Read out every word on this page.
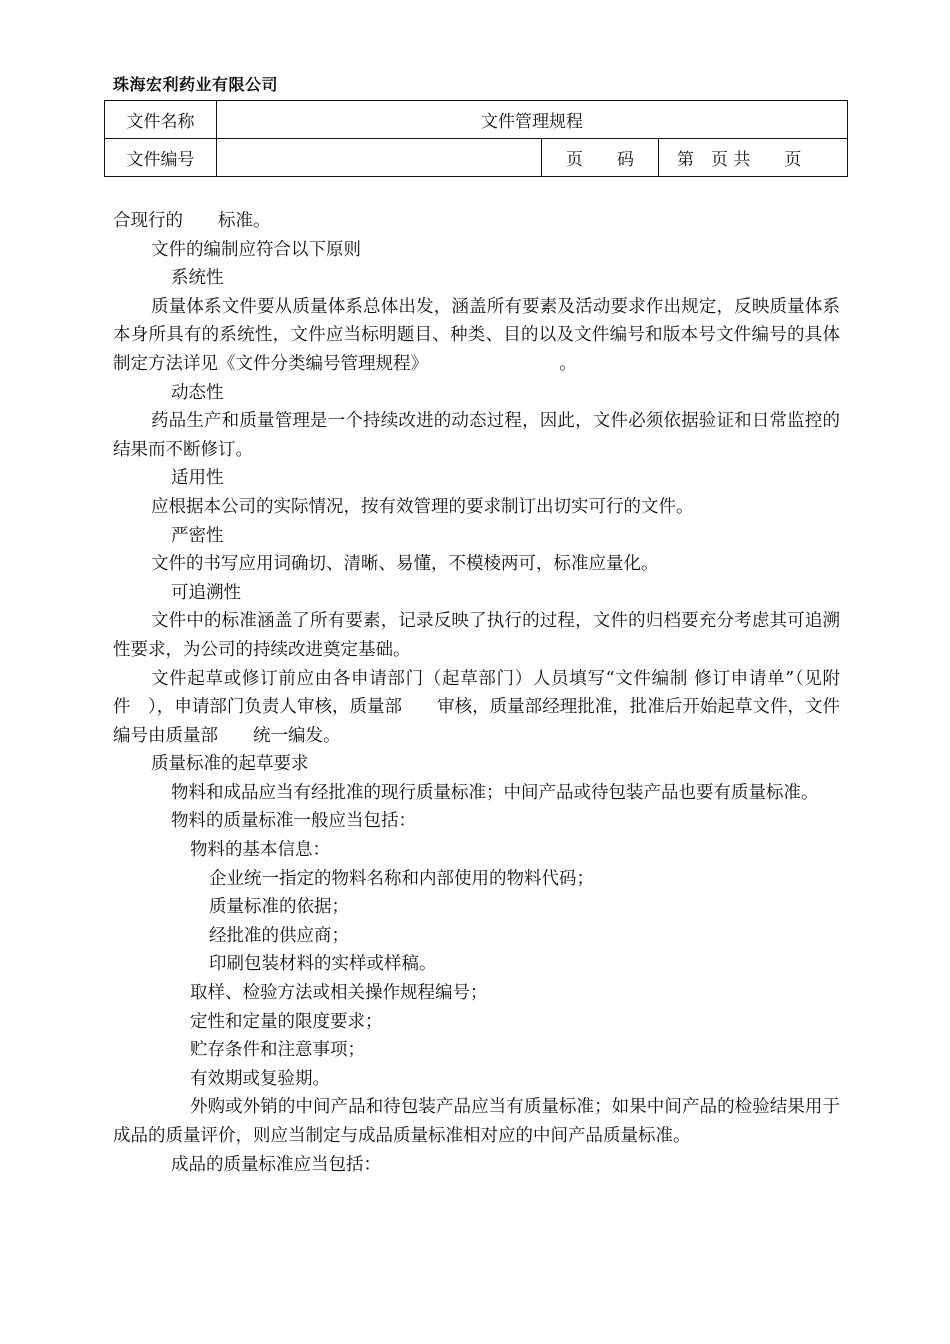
珠海宏利药业有限公司
文件名称	文件管理规程		
文件编号		页　　码	第　页 共　　页

合现行的　　标准。

文件的编制应符合以下原则

系统性

质量体系文件要从质量体系总体出发，涵盖所有要素及活动要求作出规定，反映质量体系本身所具有的系统性，文件应当标明题目、种类、目的以及文件编号和版本号文件编号的具体制定方法详见《文件分类编号管理规程》　　　　　　　　。

动态性

药品生产和质量管理是一个持续改进的动态过程，因此，文件必须依据验证和日常监控的结果而不断修订。

适用性

应根据本公司的实际情况，按有效管理的要求制订出切实可行的文件。

严密性

文件的书写应用词确切、清晰、易懂，不模棱两可，标准应量化。

可追溯性

文件中的标准涵盖了所有要素，记录反映了执行的过程，文件的归档要充分考虑其可追溯性要求，为公司的持续改进奠定基础。

文件起草或修订前应由各申请部门（起草部门）人员填写“文件编制 修订申请单”（见附件　），申请部门负责人审核，质量部　　审核，质量部经理批准，批准后开始起草文件，文件编号由质量部　　统一编发。

质量标准的起草要求

物料和成品应当有经批准的现行质量标准；中间产品或待包装产品也要有质量标准。

物料的质量标准一般应当包括：

物料的基本信息：

企业统一指定的物料名称和内部使用的物料代码；

质量标准的依据；

经批准的供应商；

印刷包装材料的实样或样稿。

取样、检验方法或相关操作规程编号；

定性和定量的限度要求；

贮存条件和注意事项；

有效期或复验期。

外购或外销的中间产品和待包装产品应当有质量标准；如果中间产品的检验结果用于成品的质量评价，则应当制定与成品质量标准相对应的中间产品质量标准。

成品的质量标准应当包括：
